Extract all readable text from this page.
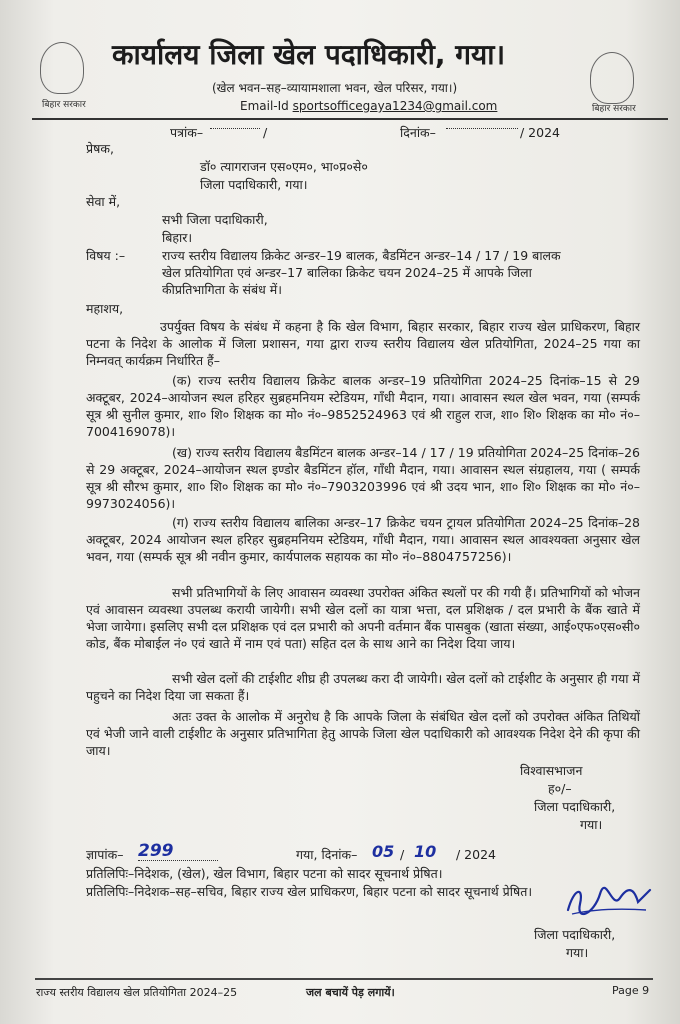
बिहार सरकार	बिहार सरकार
कार्यालय जिला खेल पदाधिकारी, गया।
(खेल भवन–सह–व्यायामशाला भवन, खेल परिसर, गया।)
Email-Id sportsofficegaya1234@gmail.com
पत्रांक–	/	दिनांक–	/ 2024
प्रेषक,
डॉ० त्यागराजन एस०एम०, भा०प्र०से०
जिला पदाधिकारी, गया।
सेवा में,
सभी जिला पदाधिकारी,
बिहार।
विषय :–	राज्य स्तरीय विद्यालय क्रिकेट अन्डर–19 बालक, बैडमिंटन अन्डर–14 / 17 / 19 बालक
खेल प्रतियोगिता एवं अन्डर–17 बालिका क्रिकेट चयन 2024–25 में आपके जिला
कीप्रतिभागिता के संबंध में।
महाशय,
उपर्युक्त विषय के संबंध में कहना है कि खेल विभाग, बिहार सरकार, बिहार राज्य खेल प्राधिकरण, बिहार पटना के निदेश के आलोक में जिला प्रशासन, गया द्वारा राज्य स्तरीय विद्यालय खेल प्रतियोगिता, 2024–25 गया का निम्नवत् कार्यक्रम निर्धारित हैं–
(क) राज्य स्तरीय विद्यालय क्रिकेट बालक अन्डर–19 प्रतियोगिता 2024–25 दिनांक–15 से 29 अक्टूबर, 2024–आयोजन स्थल हरिहर सुब्रहमनियम स्टेडियम, गाँधी मैदान, गया। आवासन स्थल खेल भवन, गया (सम्पर्क सूत्र श्री सुनील कुमार, शा० शि० शिक्षक का मो० नं०–9852524963 एवं श्री राहुल राज, शा० शि० शिक्षक का मो० नं०–7004169078)।
(ख) राज्य स्तरीय विद्यालय बैडमिंटन बालक अन्डर–14 / 17 / 19 प्रतियोगिता 2024–25 दिनांक–26 से 29 अक्टूबर, 2024–आयोजन स्थल इण्डोर बैडमिंटन हॉल, गाँधी मैदान, गया। आवासन स्थल संग्रहालय, गया ( सम्पर्क सूत्र श्री सौरभ कुमार, शा० शि० शिक्षक का मो० नं०–7903203996 एवं श्री उदय भान, शा० शि० शिक्षक का मो० नं०–9973024056)।
(ग) राज्य स्तरीय विद्यालय बालिका अन्डर–17 क्रिकेट चयन ट्रायल प्रतियोगिता 2024–25 दिनांक–28 अक्टूबर, 2024 आयोजन स्थल हरिहर सुब्रहमनियम स्टेडियम, गाँधी मैदान, गया। आवासन स्थल आवश्यक्ता अनुसार खेल भवन, गया (सम्पर्क सूत्र श्री नवीन कुमार, कार्यपालक सहायक का मो० नं०–8804757256)।
सभी प्रतिभागियों के लिए आवासन व्यवस्था उपरोक्त अंकित स्थलों पर की गयी हैं। प्रतिभागियों को भोजन एवं आवासन व्यवस्था उपलब्ध करायी जायेगी। सभी खेल दलों का यात्रा भत्ता, दल प्रशिक्षक / दल प्रभारी के बैंक खाते में भेजा जायेगा। इसलिए सभी दल प्रशिक्षक एवं दल प्रभारी को अपनी वर्तमान बैंक पासबुक (खाता संख्या, आई०एफ०एस०सी० कोड, बैंक मोबाईल नं० एवं खाते में नाम एवं पता) सहित दल के साथ आने का निदेश दिया जाय।
सभी खेल दलों की टाईशीट शीघ्र ही उपलब्ध करा दी जायेगी। खेल दलों को टाईशीट के अनुसार ही गया में पहुचने का निदेश दिया जा सकता हैं।
अतः उक्त के आलोक में अनुरोध है कि आपके जिला के संबंधित खेल दलों को उपरोक्त अंकित तिथियों एवं भेजी जाने वाली टाईशीट के अनुसार प्रतिभागिता हेतु आपके जिला खेल पदाधिकारी को आवश्यक निदेश देने की कृपा की जाय।
विश्वासभाजन
ह०/–
जिला पदाधिकारी,
गया।
ज्ञापांक– 299	गया, दिनांक– 05 / 10 / 2024
प्रतिलिपिः–निदेशक, (खेल), खेल विभाग, बिहार पटना को सादर सूचनार्थ प्रेषित।
प्रतिलिपिः–निदेशक–सह–सचिव, बिहार राज्य खेल प्राधिकरण, बिहार पटना को सादर सूचनार्थ प्रेषित।
जिला पदाधिकारी,
गया।
राज्य स्तरीय विद्यालय खेल प्रतियोगिता 2024–25	जल बचायें पेड़ लगायें।	Page 9
